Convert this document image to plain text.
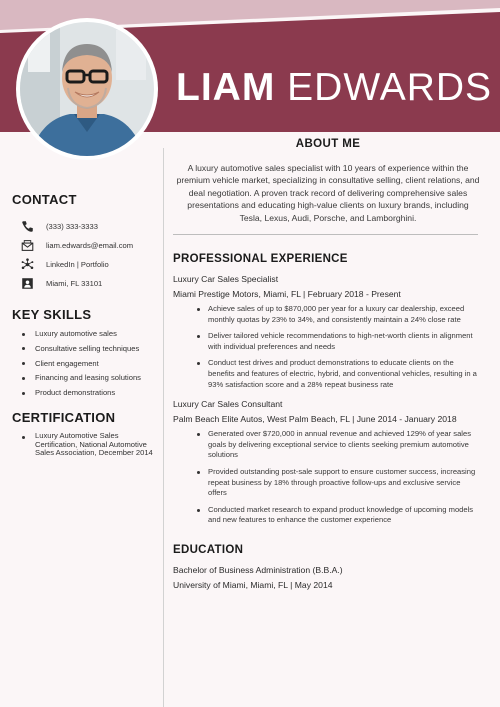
LIAM EDWARDS
CONTACT
(333) 333-3333
liam.edwards@email.com
LinkedIn | Portfolio
Miami, FL 33101
KEY SKILLS
Luxury automotive sales
Consultative selling techniques
Client engagement
Financing and leasing solutions
Product demonstrations
CERTIFICATION
Luxury Automotive Sales Certification, National Automotive Sales Association, December 2014
ABOUT ME

A luxury automotive sales specialist with 10 years of experience within the premium vehicle market, specializing in consultative selling, client relations, and deal negotiation. A proven track record of delivering comprehensive sales presentations and educating high-value clients on luxury brands, including Tesla, Lexus, Audi, Porsche, and Lamborghini.

PROFESSIONAL EXPERIENCE
Luxury Car Sales Specialist
Miami Prestige Motors, Miami, FL | February 2018 - Present
Achieve sales of up to $870,000 per year for a luxury car dealership, exceed monthly quotas by 23% to 34%, and consistently maintain a 24% close rate
Deliver tailored vehicle recommendations to high-net-worth clients in alignment with individual preferences and needs
Conduct test drives and product demonstrations to educate clients on the benefits and features of electric, hybrid, and conventional vehicles, resulting in a 93% satisfaction score and a 28% repeat business rate
Luxury Car Sales Consultant
Palm Beach Elite Autos, West Palm Beach, FL | June 2014 - January 2018
Generated over $720,000 in annual revenue and achieved 129% of year sales goals by delivering exceptional service to clients seeking premium automotive solutions
Provided outstanding post-sale support to ensure customer success, increasing repeat business by 18% through proactive follow-ups and exclusive service offers
Conducted market research to expand product knowledge of upcoming models and new features to enhance the customer experience
EDUCATION
Bachelor of Business Administration (B.B.A.)
University of Miami, Miami, FL | May 2014
